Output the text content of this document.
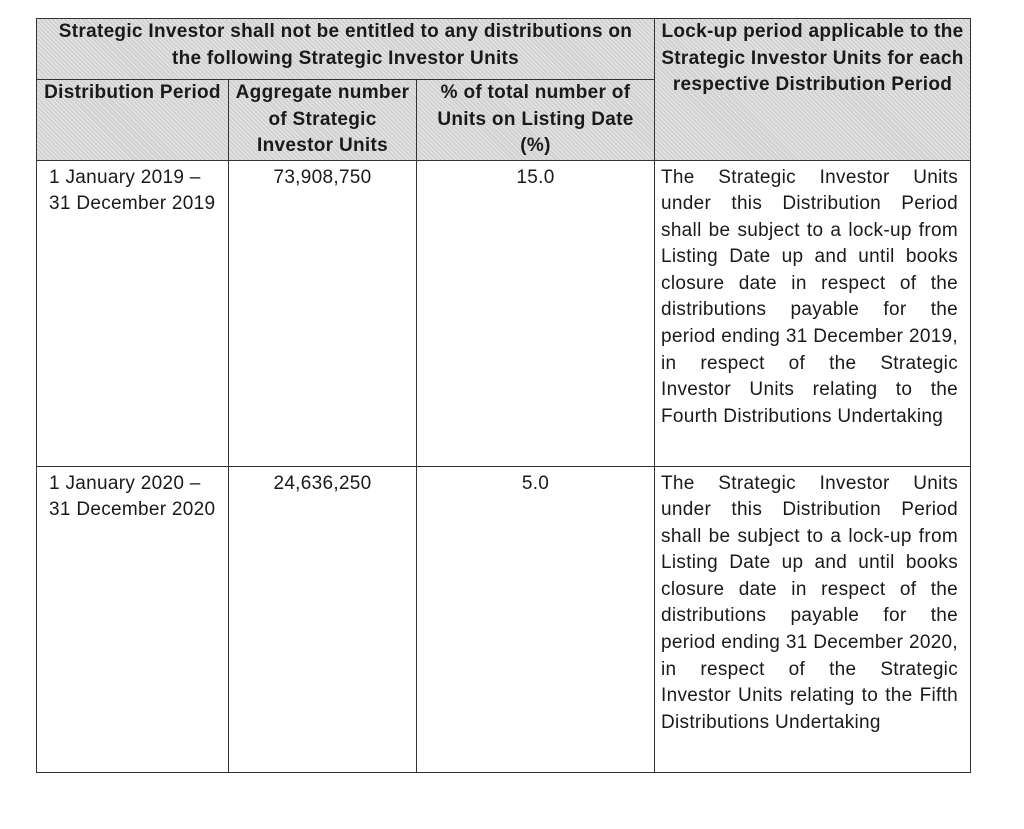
Strategic Investor shall not be entitled to any distributions on the following Strategic Investor Units			Lock-up period applicable to the Strategic Investor Units for each respective Distribution Period
Distribution Period	Aggregate number of Strategic Investor Units	% of total number of Units on Listing Date (%)	
1 January 2019 – 31 December 2019	73,908,750	15.0	The Strategic Investor Units under this Distribution Period shall be subject to a lock-up from Listing Date up and until books closure date in respect of the distributions payable for the period ending 31 December 2019, in respect of the Strategic Investor Units relating to the Fourth Distributions Undertaking
1 January 2020 – 31 December 2020	24,636,250	5.0	The Strategic Investor Units under this Distribution Period shall be subject to a lock-up from Listing Date up and until books closure date in respect of the distributions payable for the period ending 31 December 2020, in respect of the Strategic Investor Units relating to the Fifth Distributions Undertaking
